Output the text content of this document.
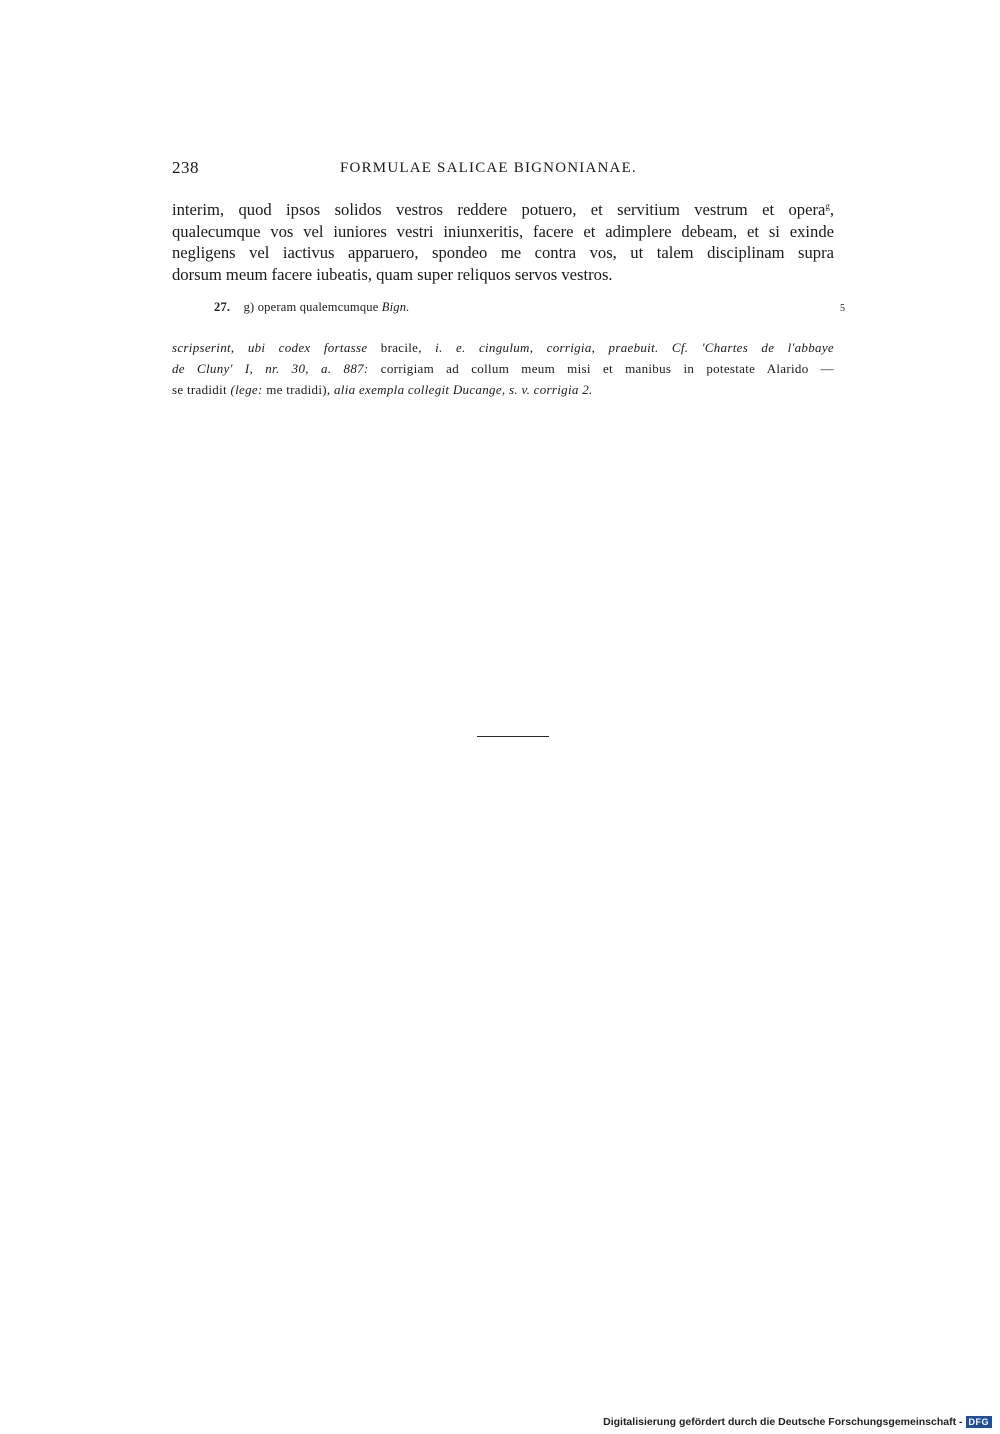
238	FORMULAE SALICAE BIGNONIANAE.
interim, quod ipsos solidos vestros reddere potuero, et servitium vestrum et opera$^g$,
qualecumque vos vel iuniores vestri iniunxeritis, facere et adimplere debeam, et si exinde
negligens vel iactivus apparuero, spondeo me contra vos, ut talem disciplinam supra
dorsum meum facere iubeatis, quam super reliquos servos vestros.
27. g) operam qualemcumque Bign.	5
scripserint, ubi codex fortasse bracile, i. e. cingulum, corrigia, praebuit. Cf. 'Chartes de l'abbaye
de Cluny' I, nr. 30, a. 887: corrigiam ad collum meum misi et manibus in potestate Alarido —
se tradidit (lege: me tradidi), alia exempla collegit Ducange, s. v. corrigia 2.
Digitalisierung gefördert durch die Deutsche Forschungsgemeinschaft - DFG
